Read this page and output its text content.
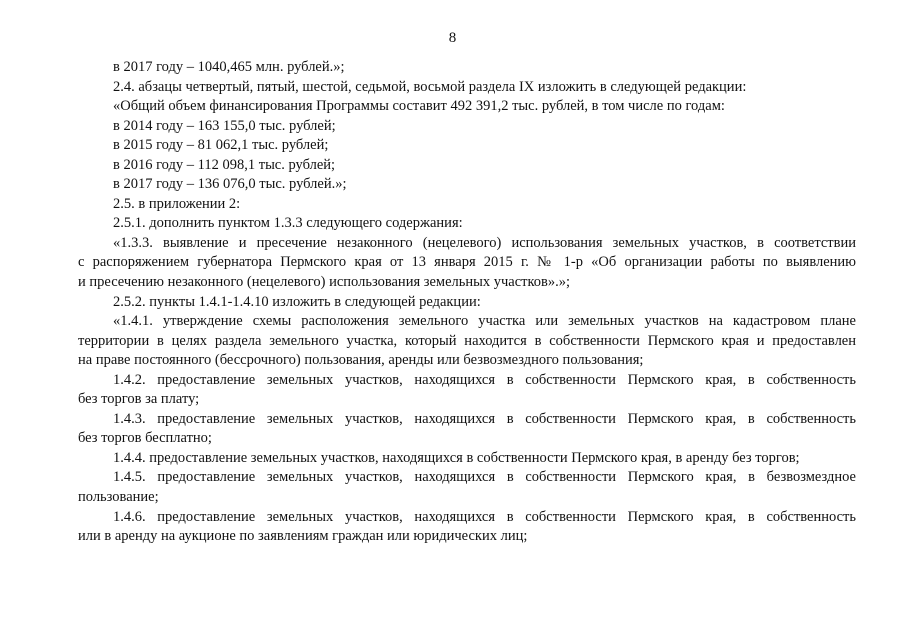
8
в 2017 году – 1040,465 млн. рублей.»;
2.4. абзацы четвертый, пятый, шестой, седьмой, восьмой раздела IX изложить в следующей редакции:
«Общий объем финансирования Программы составит 492 391,2 тыс. рублей, в том числе по годам:
в 2014 году – 163 155,0 тыс. рублей;
в 2015 году – 81 062,1 тыс. рублей;
в 2016 году – 112 098,1 тыс. рублей;
в 2017 году – 136 076,0 тыс. рублей.»;
2.5. в приложении 2:
2.5.1. дополнить пунктом 1.3.3 следующего содержания:
«1.3.3. выявление и пресечение незаконного (нецелевого) использования земельных участков, в соответствии
с распоряжением губернатора Пермского края от 13 января 2015 г. № 1-р «Об организации работы по выявлению
и пресечению незаконного (нецелевого) использования земельных участков».»;
2.5.2. пункты 1.4.1-1.4.10 изложить в следующей редакции:
«1.4.1. утверждение схемы расположения земельного участка или земельных участков на кадастровом плане
территории в целях раздела земельного участка, который находится в собственности Пермского края и предоставлен
на праве постоянного (бессрочного) пользования, аренды или безвозмездного пользования;
1.4.2. предоставление земельных участков, находящихся в собственности Пермского края, в собственность
без торгов за плату;
1.4.3. предоставление земельных участков, находящихся в собственности Пермского края, в собственность
без торгов бесплатно;
1.4.4. предоставление земельных участков, находящихся в собственности Пермского края, в аренду без торгов;
1.4.5. предоставление земельных участков, находящихся в собственности Пермского края, в безвозмездное
пользование;
1.4.6. предоставление земельных участков, находящихся в собственности Пермского края, в собственность
или в аренду на аукционе по заявлениям граждан или юридических лиц;
